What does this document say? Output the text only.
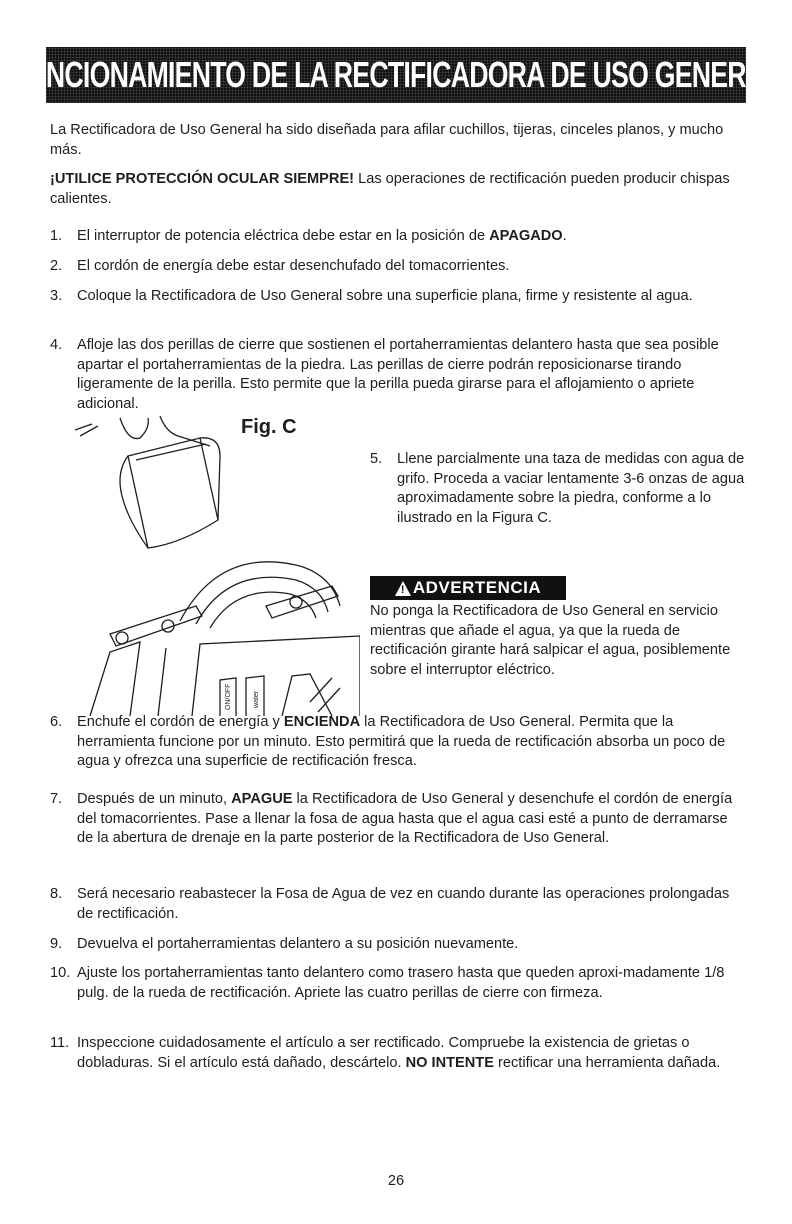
FUNCIONAMIENTO DE LA RECTIFICADORA DE USO GENERAL

La Rectificadora de Uso General ha sido diseñada para afilar cuchillos, tijeras, cinceles planos, y mucho más.

¡UTILICE PROTECCIÓN OCULAR SIEMPRE! Las operaciones de rectificación pueden producir chispas calientes.

1.	El interruptor de potencia eléctrica debe estar en la posición de APAGADO.
2.	El cordón de energía debe estar desenchufado del tomacorrientes.
3.	Coloque la Rectificadora de Uso General sobre una superficie plana, firme y resistente al agua.
4.	Afloje las dos perillas de cierre que sostienen el portaherramientas delantero hasta que sea posible apartar el portaherramientas de la piedra. Las perillas de cierre podrán reposicionarse tirando ligeramente de la perilla. Esto permite que la perilla pueda girarse para el aflojamiento o apriete adicional.
Fig. C
ON/OFF	water
5. Llene parcialmente una taza de medidas con agua de grifo. Proceda a vaciar lentamente 3-6 onzas de agua aproximadamente sobre la piedra, conforme a lo ilustrado en la Figura C.
! ADVERTENCIA
No ponga la Rectificadora de Uso General en servicio mientras que añade el agua, ya que la rueda de rectificación girante hará salpicar el agua, posiblemente sobre el interruptor eléctrico.
6.	Enchufe el cordón de energía y ENCIENDA la Rectificadora de Uso General. Permita que la herramienta funcione por un minuto. Esto permitirá que la rueda de rectificación absorba un poco de agua y ofrezca una superficie de rectificación fresca.
7.	Después de un minuto, APAGUE la Rectificadora de Uso General y desenchufe el cordón de energía del tomacorrientes. Pase a llenar la fosa de agua hasta que el agua casi esté a punto de derramarse de la abertura de drenaje en la parte posterior de la Rectificadora de Uso General.
8.	Será necesario reabastecer la Fosa de Agua de vez en cuando durante las operaciones prolongadas de rectificación.
9.	Devuelva el portaherramientas delantero a su posición nuevamente.
10. Ajuste los portaherramientas tanto delantero como trasero hasta que queden aproxi-madamente 1/8 pulg. de la rueda de rectificación. Apriete las cuatro perillas de cierre con firmeza.
11. Inspeccione cuidadosamente el artículo a ser rectificado. Compruebe la existencia de grietas o dobladuras. Si el artículo está dañado, descártelo. NO INTENTE rectificar una herramienta dañada.
26
